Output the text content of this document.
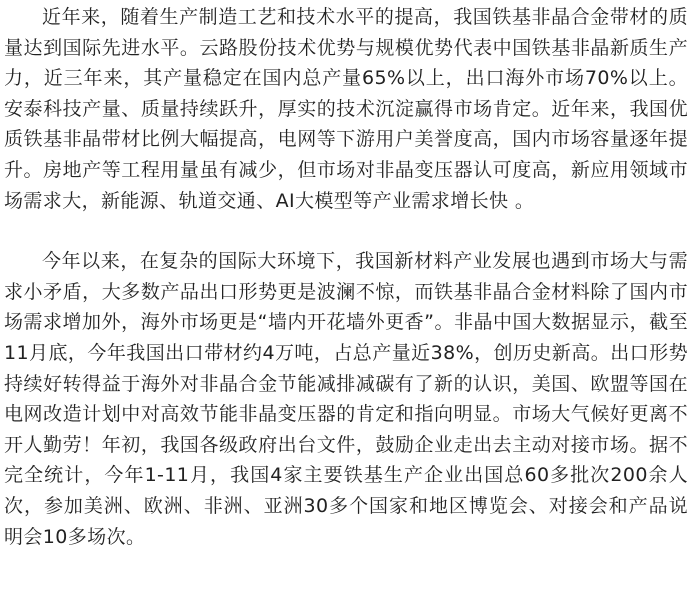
近年来，随着生产制造工艺和技术水平的提高，我国铁基非晶合金带材的质量达到国际先进水平。云路股份技术优势与规模优势代表中国铁基非晶新质生产力，近三年来，其产量稳定在国内总产量65%以上，出口海外市场70%以上。安泰科技产量、质量持续跃升，厚实的技术沉淀赢得市场肯定。近年来，我国优质铁基非晶带材比例大幅提高，电网等下游用户美誉度高，国内市场容量逐年提升。房地产等工程用量虽有减少，但市场对非晶变压器认可度高，新应用领域市场需求大，新能源、轨道交通、AI大模型等产业需求增长快 。

今年以来，在复杂的国际大环境下，我国新材料产业发展也遇到市场大与需求小矛盾，大多数产品出口形势更是波澜不惊，而铁基非晶合金材料除了国内市场需求增加外，海外市场更是“墙内开花墙外更香”。非晶中国大数据显示，截至11月底，今年我国出口带材约4万吨，占总产量近38%，创历史新高。出口形势持续好转得益于海外对非晶合金节能减排减碳有了新的认识，美国、欧盟等国在电网改造计划中对高效节能非晶变压器的肯定和指向明显。市场大气候好更离不开人勤劳！年初，我国各级政府出台文件，鼓励企业走出去主动对接市场。据不完全统计，今年1-11月，我国4家主要铁基生产企业出国总60多批次200余人次，参加美洲、欧洲、非洲、亚洲30多个国家和地区博览会、对接会和产品说明会10多场次。
